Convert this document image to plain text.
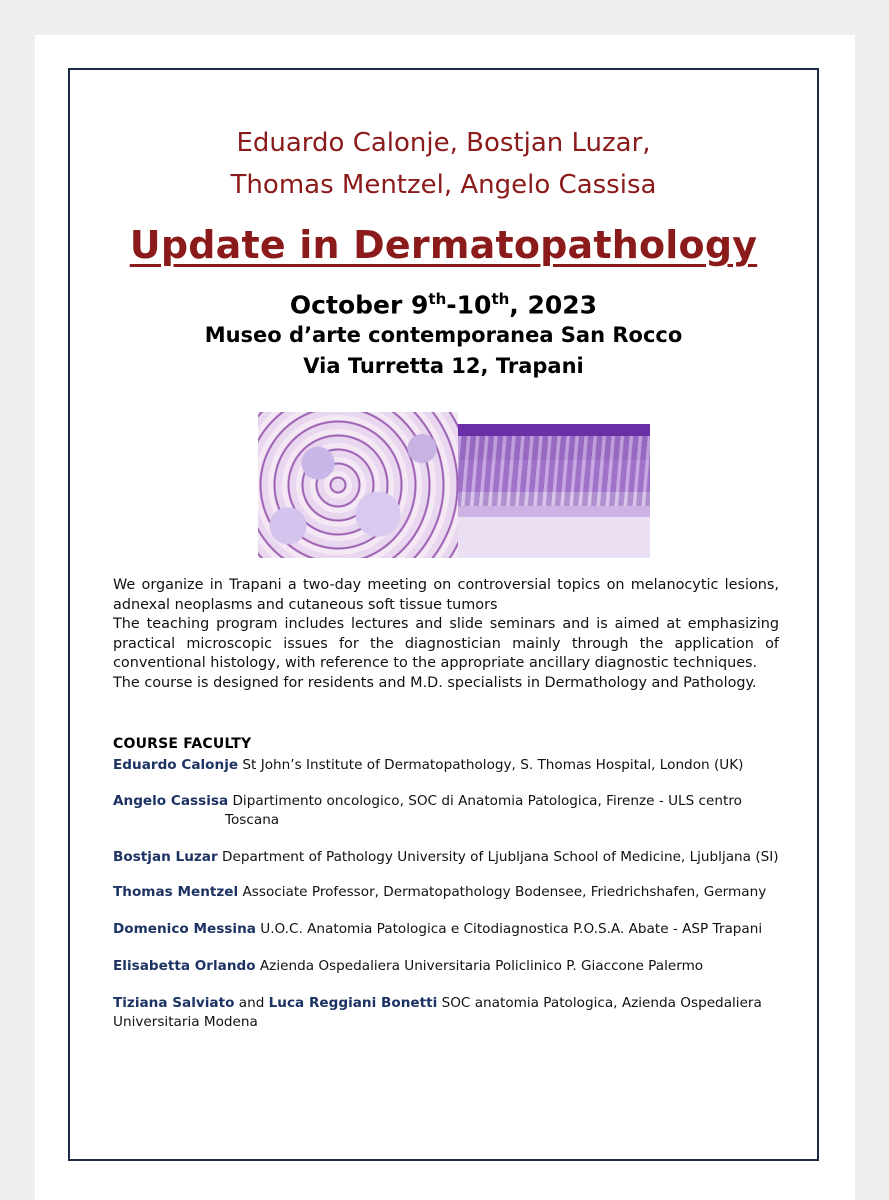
Eduardo Calonje, Bostjan Luzar,
Thomas Mentzel, Angelo Cassisa
Update in Dermatopathology
October 9th-10th, 2023
Museo d’arte contemporanea San Rocco
Via Turretta 12, Trapani

We organize in Trapani a two-day meeting on controversial topics on melanocytic lesions, adnexal neoplasms and cutaneous soft tissue tumors

The teaching program includes lectures and slide seminars and is aimed at emphasizing practical microscopic issues for the diagnostician mainly through the application of conventional histology, with reference to the appropriate ancillary diagnostic techniques.

The course is designed for residents and M.D. specialists in Dermathology and Pathology.

COURSE FACULTY
Eduardo Calonje St John’s Institute of Dermatopathology, S. Thomas Hospital, London (UK)
Angelo Cassisa Dipartimento oncologico, SOC di Anatomia Patologica, Firenze - ULS centro
Toscana
Bostjan Luzar Department of Pathology University of Ljubljana School of Medicine, Ljubljana (SI)
Thomas Mentzel Associate Professor, Dermatopathology Bodensee, Friedrichshafen, Germany
Domenico Messina U.O.C. Anatomia Patologica e Citodiagnostica P.O.S.A. Abate - ASP Trapani
Elisabetta Orlando Azienda Ospedaliera Universitaria Policlinico P. Giaccone Palermo
Tiziana Salviato and Luca Reggiani Bonetti SOC anatomia Patologica, Azienda Ospedaliera
Universitaria Modena
